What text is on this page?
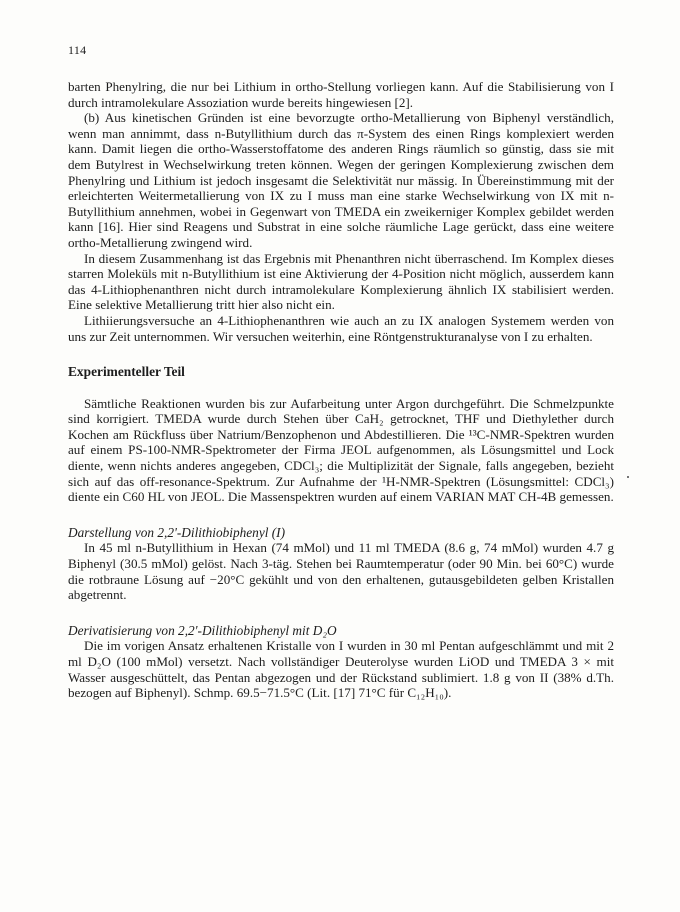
114

barten Phenylring, die nur bei Lithium in ortho-Stellung vorliegen kann. Auf die Stabilisierung von I durch intramolekulare Assoziation wurde bereits hingewiesen [2].

(b) Aus kinetischen Gründen ist eine bevorzugte ortho-Metallierung von Biphenyl verständlich, wenn man annimmt, dass n-Butyllithium durch das π-System des einen Rings komplexiert werden kann. Damit liegen die ortho-Wasserstoffatome des anderen Rings räumlich so günstig, dass sie mit dem Butylrest in Wechselwirkung treten können. Wegen der geringen Komplexierung zwischen dem Phenylring und Lithium ist jedoch insgesamt die Selektivität nur mässig. In Übereinstimmung mit der erleichterten Weitermetallierung von IX zu I muss man eine starke Wechselwirkung von IX mit n-Butyllithium annehmen, wobei in Gegenwart von TMEDA ein zweikerniger Komplex gebildet werden kann [16]. Hier sind Reagens und Substrat in eine solche räumliche Lage gerückt, dass eine weitere ortho-Metallierung zwingend wird.

In diesem Zusammenhang ist das Ergebnis mit Phenanthren nicht überraschend. Im Komplex dieses starren Moleküls mit n-Butyllithium ist eine Aktivierung der 4-Position nicht möglich, ausserdem kann das 4-Lithiophenanthren nicht durch intramolekulare Komplexierung ähnlich IX stabilisiert werden. Eine selektive Metallierung tritt hier also nicht ein.

Lithiierungsversuche an 4-Lithiophenanthren wie auch an zu IX analogen Systemem werden von uns zur Zeit unternommen. Wir versuchen weiterhin, eine Röntgenstrukturanalyse von I zu erhalten.

Experimenteller Teil

Sämtliche Reaktionen wurden bis zur Aufarbeitung unter Argon durchgeführt. Die Schmelzpunkte sind korrigiert. TMEDA wurde durch Stehen über CaH₂ getrocknet, THF und Diethylether durch Kochen am Rückfluss über Natrium/Benzophenon und Abdestillieren. Die ¹³C-NMR-Spektren wurden auf einem PS-100-NMR-Spektrometer der Firma JEOL aufgenommen, als Lösungsmittel und Lock diente, wenn nichts anderes angegeben, CDCl₃; die Multiplizität der Signale, falls angegeben, bezieht sich auf das off-resonance-Spektrum. Zur Aufnahme der ¹H-NMR-Spektren (Lösungsmittel: CDCl₃) diente ein C60 HL von JEOL. Die Massenspektren wurden auf einem VARIAN MAT CH-4B gemessen.

Darstellung von 2,2'-Dilithiobiphenyl (I)

In 45 ml n-Butyllithium in Hexan (74 mMol) und 11 ml TMEDA (8.6 g, 74 mMol) wurden 4.7 g Biphenyl (30.5 mMol) gelöst. Nach 3-täg. Stehen bei Raumtemperatur (oder 90 Min. bei 60°C) wurde die rotbraune Lösung auf −20°C gekühlt und von den erhaltenen, gutausgebildeten gelben Kristallen abgetrennt.

Derivatisierung von 2,2'-Dilithiobiphenyl mit D₂O

Die im vorigen Ansatz erhaltenen Kristalle von I wurden in 30 ml Pentan aufgeschlämmt und mit 2 ml D₂O (100 mMol) versetzt. Nach vollständiger Deuterolyse wurden LiOD und TMEDA 3 × mit Wasser ausgeschüttelt, das Pentan abgezogen und der Rückstand sublimiert. 1.8 g von II (38% d.Th. bezogen auf Biphenyl). Schmp. 69.5−71.5°C (Lit. [17] 71°C für C₁₂H₁₀).
